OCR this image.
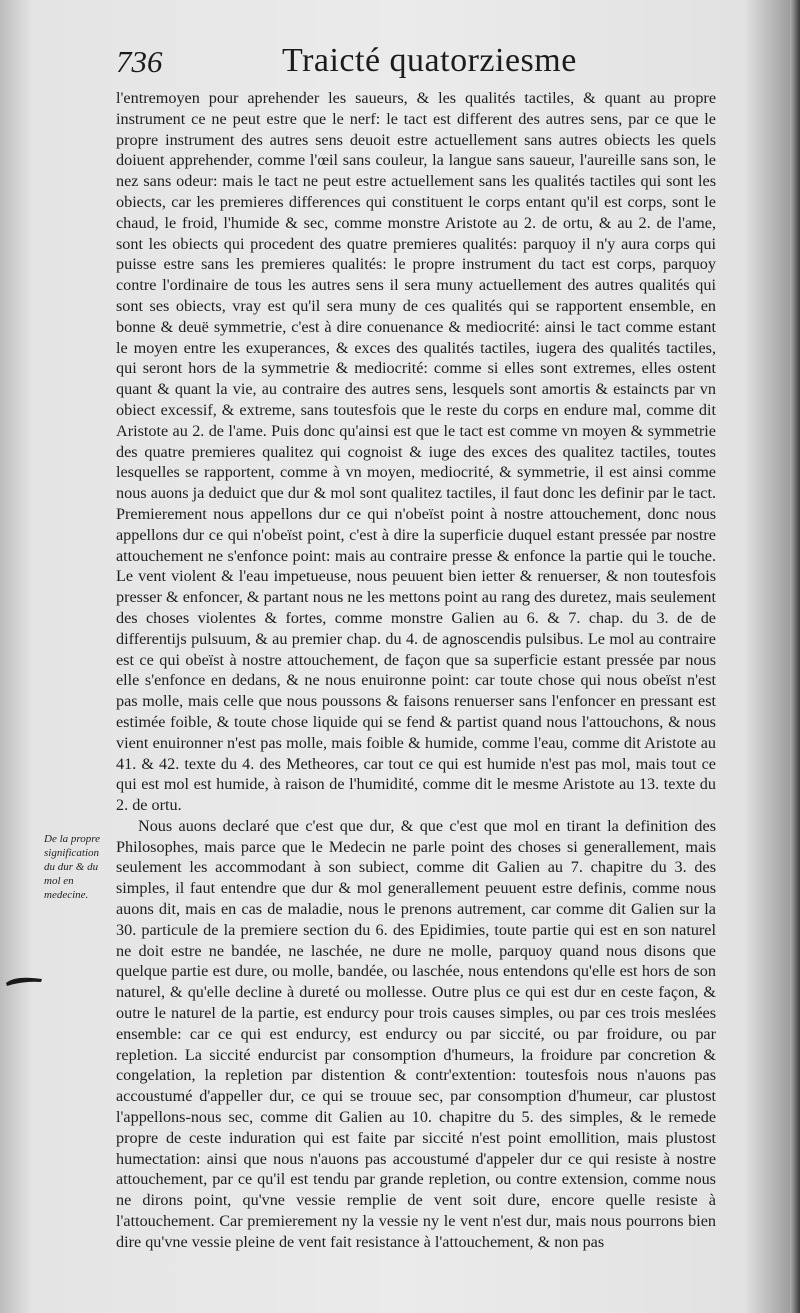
736	Traicté quatorziesme
De la propre signification du dur & du mol en medecine.

l'entremoyen pour aprehender les saueurs, & les qualités tactiles, & quant au propre instrument ce ne peut estre que le nerf: le tact est different des autres sens, par ce que le propre instrument des autres sens deuoit estre actuellement sans autres obiects les quels doiuent apprehender, comme l'œil sans couleur, la langue sans saueur, l'aureille sans son, le nez sans odeur: mais le tact ne peut estre actuellement sans les qualités tactiles qui sont les obiects, car les premieres differences qui constituent le corps entant qu'il est corps, sont le chaud, le froid, l'humide & sec, comme monstre Aristote au 2. de ortu, & au 2. de l'ame, sont les obiects qui procedent des quatre premieres qualités: parquoy il n'y aura corps qui puisse estre sans les premieres qualités: le propre instrument du tact est corps, parquoy contre l'ordinaire de tous les autres sens il sera muny actuellement des autres qualités qui sont ses obiects, vray est qu'il sera muny de ces qualités qui se rapportent ensemble, en bonne & deuë symmetrie, c'est à dire conuenance & mediocrité: ainsi le tact comme estant le moyen entre les exuperances, & exces des qualités tactiles, iugera des qualités tactiles, qui seront hors de la symmetrie & mediocrité: comme si elles sont extremes, elles ostent quant & quant la vie, au contraire des autres sens, lesquels sont amortis & estaincts par vn obiect excessif, & extreme, sans toutesfois que le reste du corps en endure mal, comme dit Aristote au 2. de l'ame. Puis donc qu'ainsi est que le tact est comme vn moyen & symmetrie des quatre premieres qualitez qui cognoist & iuge des exces des qualitez tactiles, toutes lesquelles se rapportent, comme à vn moyen, mediocrité, & symmetrie, il est ainsi comme nous auons ja deduict que dur & mol sont qualitez tactiles, il faut donc les definir par le tact. Premierement nous appellons dur ce qui n'obeïst point à nostre attouchement, donc nous appellons dur ce qui n'obeïst point, c'est à dire la superficie duquel estant pressée par nostre attouchement ne s'enfonce point: mais au contraire presse & enfonce la partie qui le touche. Le vent violent & l'eau impetueuse, nous peuuent bien ietter & renuerser, & non toutesfois presser & enfoncer, & partant nous ne les mettons point au rang des duretez, mais seulement des choses violentes & fortes, comme monstre Galien au 6. & 7. chap. du 3. de de differentijs pulsuum, & au premier chap. du 4. de agnoscendis pulsibus. Le mol au contraire est ce qui obeïst à nostre attouchement, de façon que sa superficie estant pressée par nous elle s'enfonce en dedans, & ne nous enuironne point: car toute chose qui nous obeïst n'est pas molle, mais celle que nous poussons & faisons renuerser sans l'enfoncer en pressant est estimée foible, & toute chose liquide qui se fend & partist quand nous l'attouchons, & nous vient enuironner n'est pas molle, mais foible & humide, comme l'eau, comme dit Aristote au 41. & 42. texte du 4. des Metheores, car tout ce qui est humide n'est pas mol, mais tout ce qui est mol est humide, à raison de l'humidité, comme dit le mesme Aristote au 13. texte du 2. de ortu.

Nous auons declaré que c'est que dur, & que c'est que mol en tirant la definition des Philosophes, mais parce que le Medecin ne parle point des choses si generallement, mais seulement les accommodant à son subiect, comme dit Galien au 7. chapitre du 3. des simples, il faut entendre que dur & mol generallement peuuent estre definis, comme nous auons dit, mais en cas de maladie, nous le prenons autrement, car comme dit Galien sur la 30. particule de la premiere section du 6. des Epidimies, toute partie qui est en son naturel ne doit estre ne bandée, ne laschée, ne dure ne molle, parquoy quand nous disons que quelque partie est dure, ou molle, bandée, ou laschée, nous entendons qu'elle est hors de son naturel, & qu'elle decline à dureté ou mollesse. Outre plus ce qui est dur en ceste façon, & outre le naturel de la partie, est endurcy pour trois causes simples, ou par ces trois meslées ensemble: car ce qui est endurcy, est endurcy ou par siccité, ou par froidure, ou par repletion. La siccité endurcist par consomption d'humeurs, la froidure par concretion & congelation, la repletion par distention & contr'extention: toutesfois nous n'auons pas accoustumé d'appeller dur, ce qui se trouue sec, par consomption d'humeur, car plustost l'appellons-nous sec, comme dit Galien au 10. chapitre du 5. des simples, & le remede propre de ceste induration qui est faite par siccité n'est point emollition, mais plustost humectation: ainsi que nous n'auons pas accoustumé d'appeler dur ce qui resiste à nostre attouchement, par ce qu'il est tendu par grande repletion, ou contre extension, comme nous ne dirons point, qu'vne vessie remplie de vent soit dure, encore quelle resiste à l'attouchement. Car premierement ny la vessie ny le vent n'est dur, mais nous pourrons bien dire qu'vne vessie pleine de vent fait resistance à l'attouchement, & non pas
